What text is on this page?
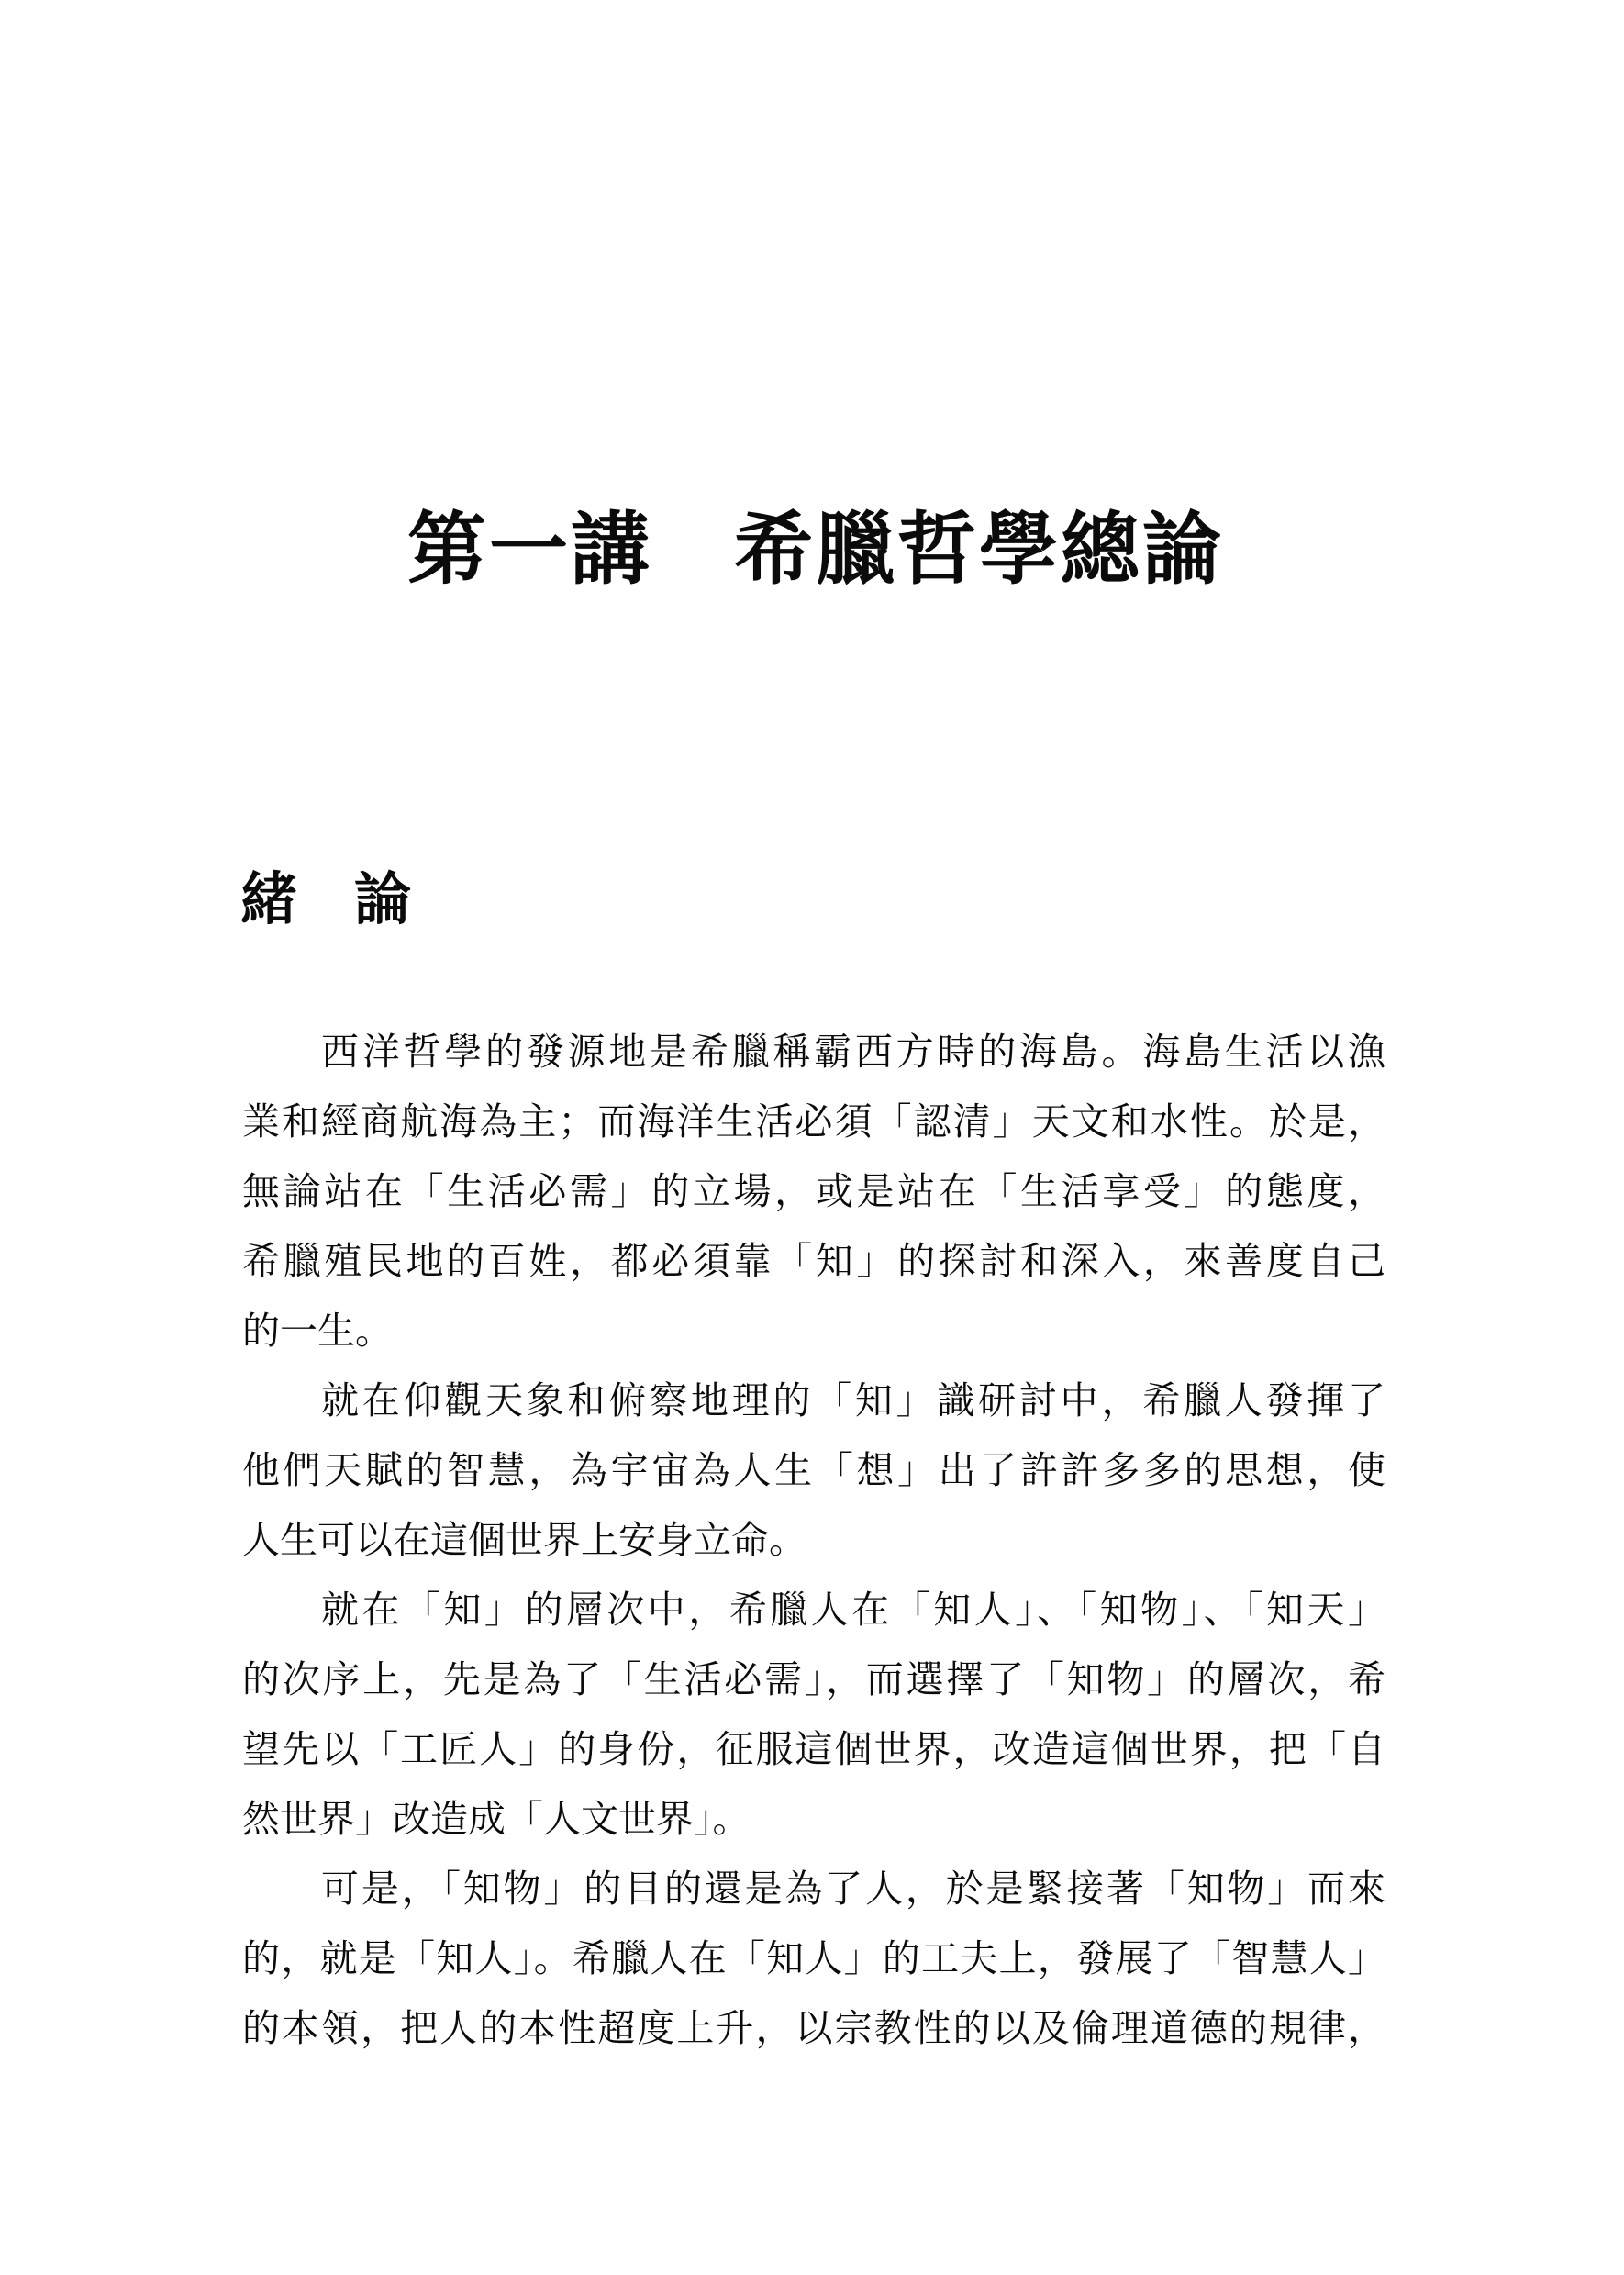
第一講　希臘哲學總論
緒　論
西洋哲學的發源地是希臘稱霸西方時的海島。海島生活以漁
業和經商航海為主；而海洋生活必須「認清」天文和水性。於是，
無論站在「生活必需」的立場，或是站在「生活享受」的態度，
希臘殖民地的百姓，都必須靠「知」的探討和深入，來善度自己
的一生。
就在仰觀天象和俯察地理的「知」識研討中，希臘人發揮了
他們天賦的智慧，為宇宙為人生「想」出了許許多多的思想，使
人生可以在這個世界上安身立命。
就在「知」的層次中，希臘人在「知人」、「知物」、「知天」
的次序上，先是為了「生活必需」，而選擇了「知物」的層次，希
望先以「工匠人」的身份，征服這個世界，改造這個世界，把「自
然世界」改造成「人文世界」。
可是，「知物」的目的還是為了人，於是緊接著「知物」而來
的，就是「知人」。希臘人在「知人」的工夫上，發展了「智慧人」
的本領，把人的本性超度上升，以宗教性的以及倫理道德的規律，
